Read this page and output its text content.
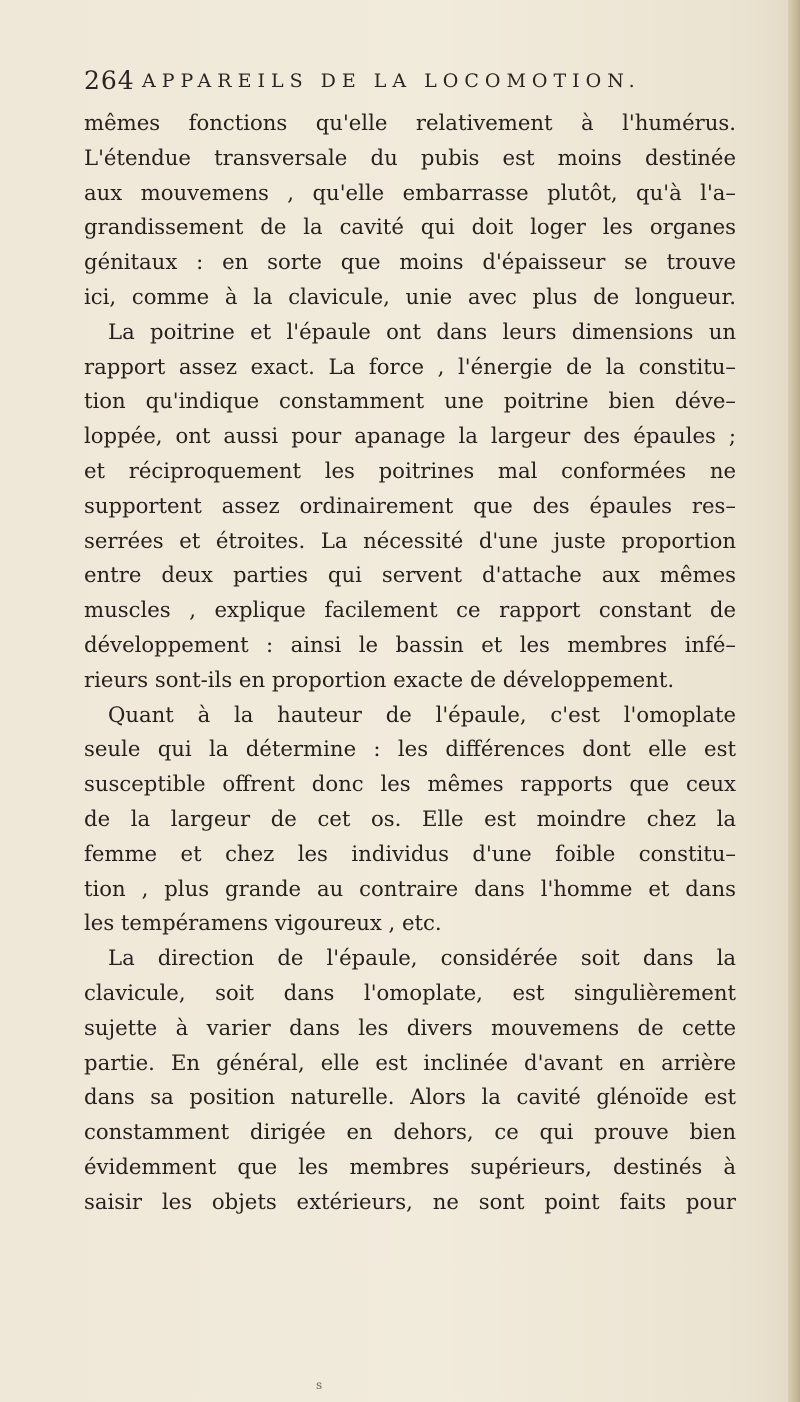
264 APPAREILS DE LA LOCOMOTION.
mêmes fonctions qu'elle relativement à l'humérus.
L'étendue transversale du pubis est moins destinée
aux mouvemens , qu'elle embarrasse plutôt, qu'à l'a–
grandissement de la cavité qui doit loger les organes
génitaux : en sorte que moins d'épaisseur se trouve
ici, comme à la clavicule, unie avec plus de longueur.
La poitrine et l'épaule ont dans leurs dimensions un
rapport assez exact. La force , l'énergie de la constitu–
tion qu'indique constamment une poitrine bien déve–
loppée, ont aussi pour apanage la largeur des épaules ;
et réciproquement les poitrines mal conformées ne
supportent assez ordinairement que des épaules res–
serrées et étroites. La nécessité d'une juste proportion
entre deux parties qui servent d'attache aux mêmes
muscles , explique facilement ce rapport constant de
développement : ainsi le bassin et les membres infé–
rieurs sont-ils en proportion exacte de développement.
Quant à la hauteur de l'épaule, c'est l'omoplate
seule qui la détermine : les différences dont elle est
susceptible offrent donc les mêmes rapports que ceux
de la largeur de cet os. Elle est moindre chez la
femme et chez les individus d'une foible constitu–
tion , plus grande au contraire dans l'homme et dans
les tempéramens vigoureux , etc.
La direction de l'épaule, considérée soit dans la
clavicule, soit dans l'omoplate, est singulièrement
sujette à varier dans les divers mouvemens de cette
partie. En général, elle est inclinée d'avant en arrière
dans sa position naturelle. Alors la cavité glénoïde est
constamment dirigée en dehors, ce qui prouve bien
évidemment que les membres supérieurs, destinés à
saisir les objets extérieurs, ne sont point faits pour
s
